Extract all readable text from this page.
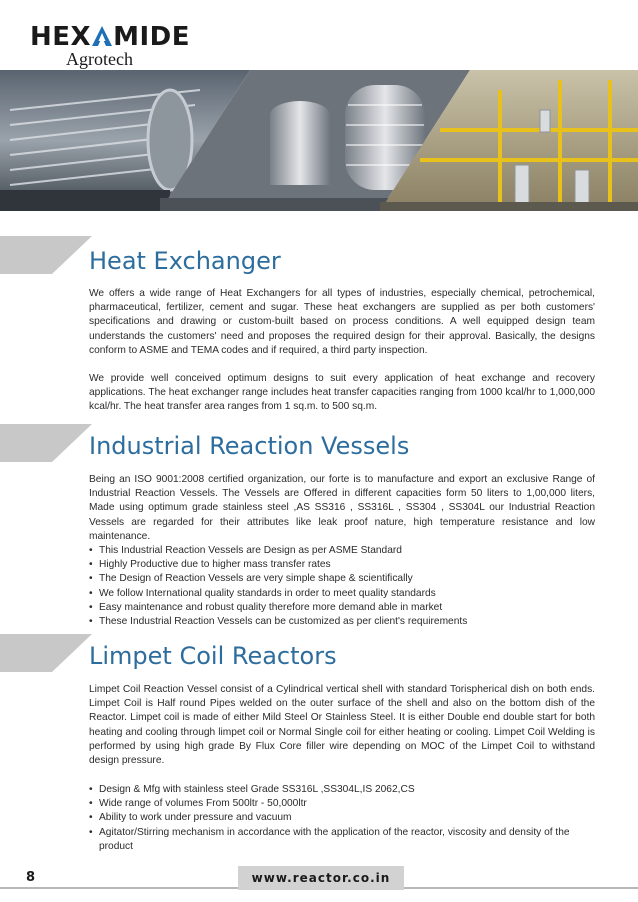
HEX MIDE
Agrotech
Heat Exchanger

We offers a wide range of Heat Exchangers for all types of industries, especially chemical, petrochemical, pharmaceutical, fertilizer, cement and sugar. These heat exchangers are supplied as per both customers' specifications and drawing or custom-built based on process conditions. A well equipped design team understands the customers' need and proposes the required design for their approval. Basically, the designs conform to ASME and TEMA codes and if required, a third party inspection.

We provide well conceived optimum designs to suit every application of heat exchange and recovery applications. The heat exchanger range includes heat transfer capacities ranging from 1000 kcal/hr to 1,000,000 kcal/hr. The heat transfer area ranges from 1 sq.m. to 500 sq.m.

Industrial Reaction Vessels

Being an ISO 9001:2008 certified organization, our forte is to manufacture and export an exclusive Range of Industrial Reaction Vessels. The Vessels are Offered in different capacities form 50 liters to 1,00,000 liters, Made using optimum grade stainless steel ,AS SS316 , SS316L , SS304 , SS304L our Industrial Reaction Vessels are regarded for their attributes like leak proof nature, high temperature resistance and low maintenance.

• This Industrial Reaction Vessels are Design as per ASME Standard
• Highly Productive due to higher mass transfer rates
• The Design of Reaction Vessels are very simple shape & scientifically
• We follow International quality standards in order to meet quality standards
• Easy maintenance and robust quality therefore more demand able in market
• These Industrial Reaction Vessels can be customized as per client's requirements
Limpet Coil Reactors

Limpet Coil Reaction Vessel consist of a Cylindrical vertical shell with standard Torispherical dish on both ends. Limpet Coil is Half round Pipes welded on the outer surface of the shell and also on the bottom dish of the Reactor. Limpet coil is made of either Mild Steel Or Stainless Steel. It is either Double end double start for both heating and cooling through limpet coil or Normal Single coil for either heating or cooling. Limpet Coil Welding is performed by using high grade By Flux Core filler wire depending on MOC of the Limpet Coil to withstand design pressure.

• Design & Mfg with stainless steel Grade SS316L ,SS304L,IS 2062,CS
• Wide range of volumes From 500ltr - 50,000ltr
• Ability to work under pressure and vacuum
• Agitator/Stirring mechanism in accordance with the application of the reactor, viscosity and density of the product
www.reactor.co.in
8
